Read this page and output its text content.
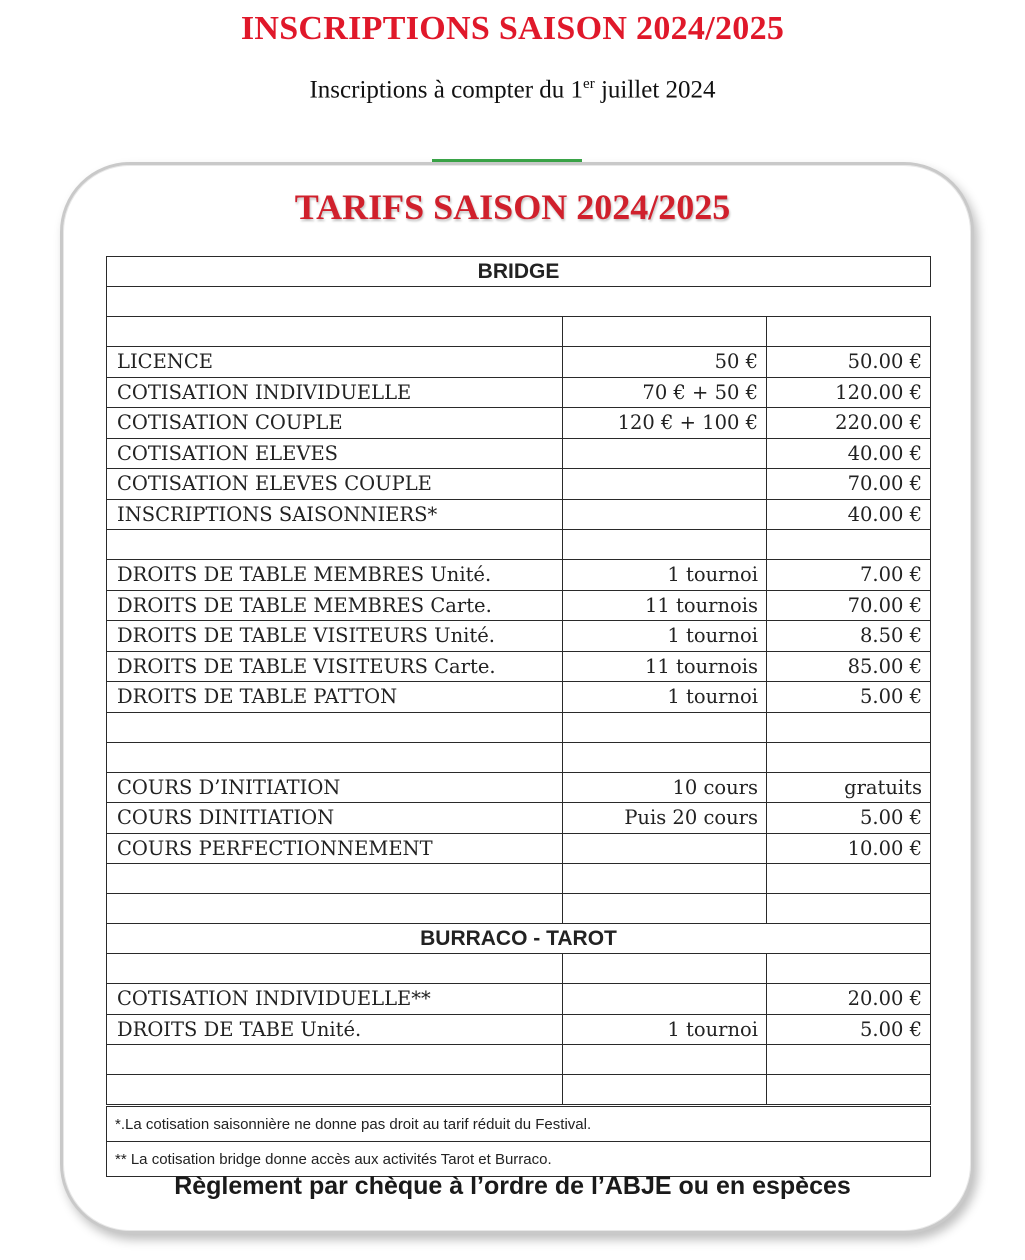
INSCRIPTIONS SAISON 2024/2025
Inscriptions à compter du 1er juillet 2024
TARIFS SAISON 2024/2025
BRIDGE		

LICENCE	50 €	50.00 €
COTISATION INDIVIDUELLE	70 € + 50 €	120.00 €
COTISATION COUPLE	120 € + 100 €	220.00 €
COTISATION ELEVES		40.00 €
COTISATION ELEVES COUPLE		70.00 €
INSCRIPTIONS SAISONNIERS*		40.00 €

DROITS DE TABLE MEMBRES Unité.	1 tournoi	7.00 €
DROITS DE TABLE MEMBRES Carte.	11 tournois	70.00 €
DROITS DE TABLE VISITEURS Unité.	1 tournoi	8.50 €
DROITS DE TABLE VISITEURS Carte.	11 tournois	85.00 €
DROITS DE TABLE PATTON	1 tournoi	5.00 €

COURS D’INITIATION	10 cours	gratuits
COURS DINITIATION	Puis 20 cours	5.00 €
COURS PERFECTIONNEMENT		10.00 €

BURRACO - TAROT		

COTISATION INDIVIDUELLE**		20.00 €
DROITS DE TABE Unité.	1 tournoi	5.00 €

*.La cotisation saisonnière ne donne pas droit au tarif réduit du Festival.		
** La cotisation bridge donne accès aux activités Tarot et Burraco.		
Règlement par chèque à l’ordre de l’ABJE ou en espèces
